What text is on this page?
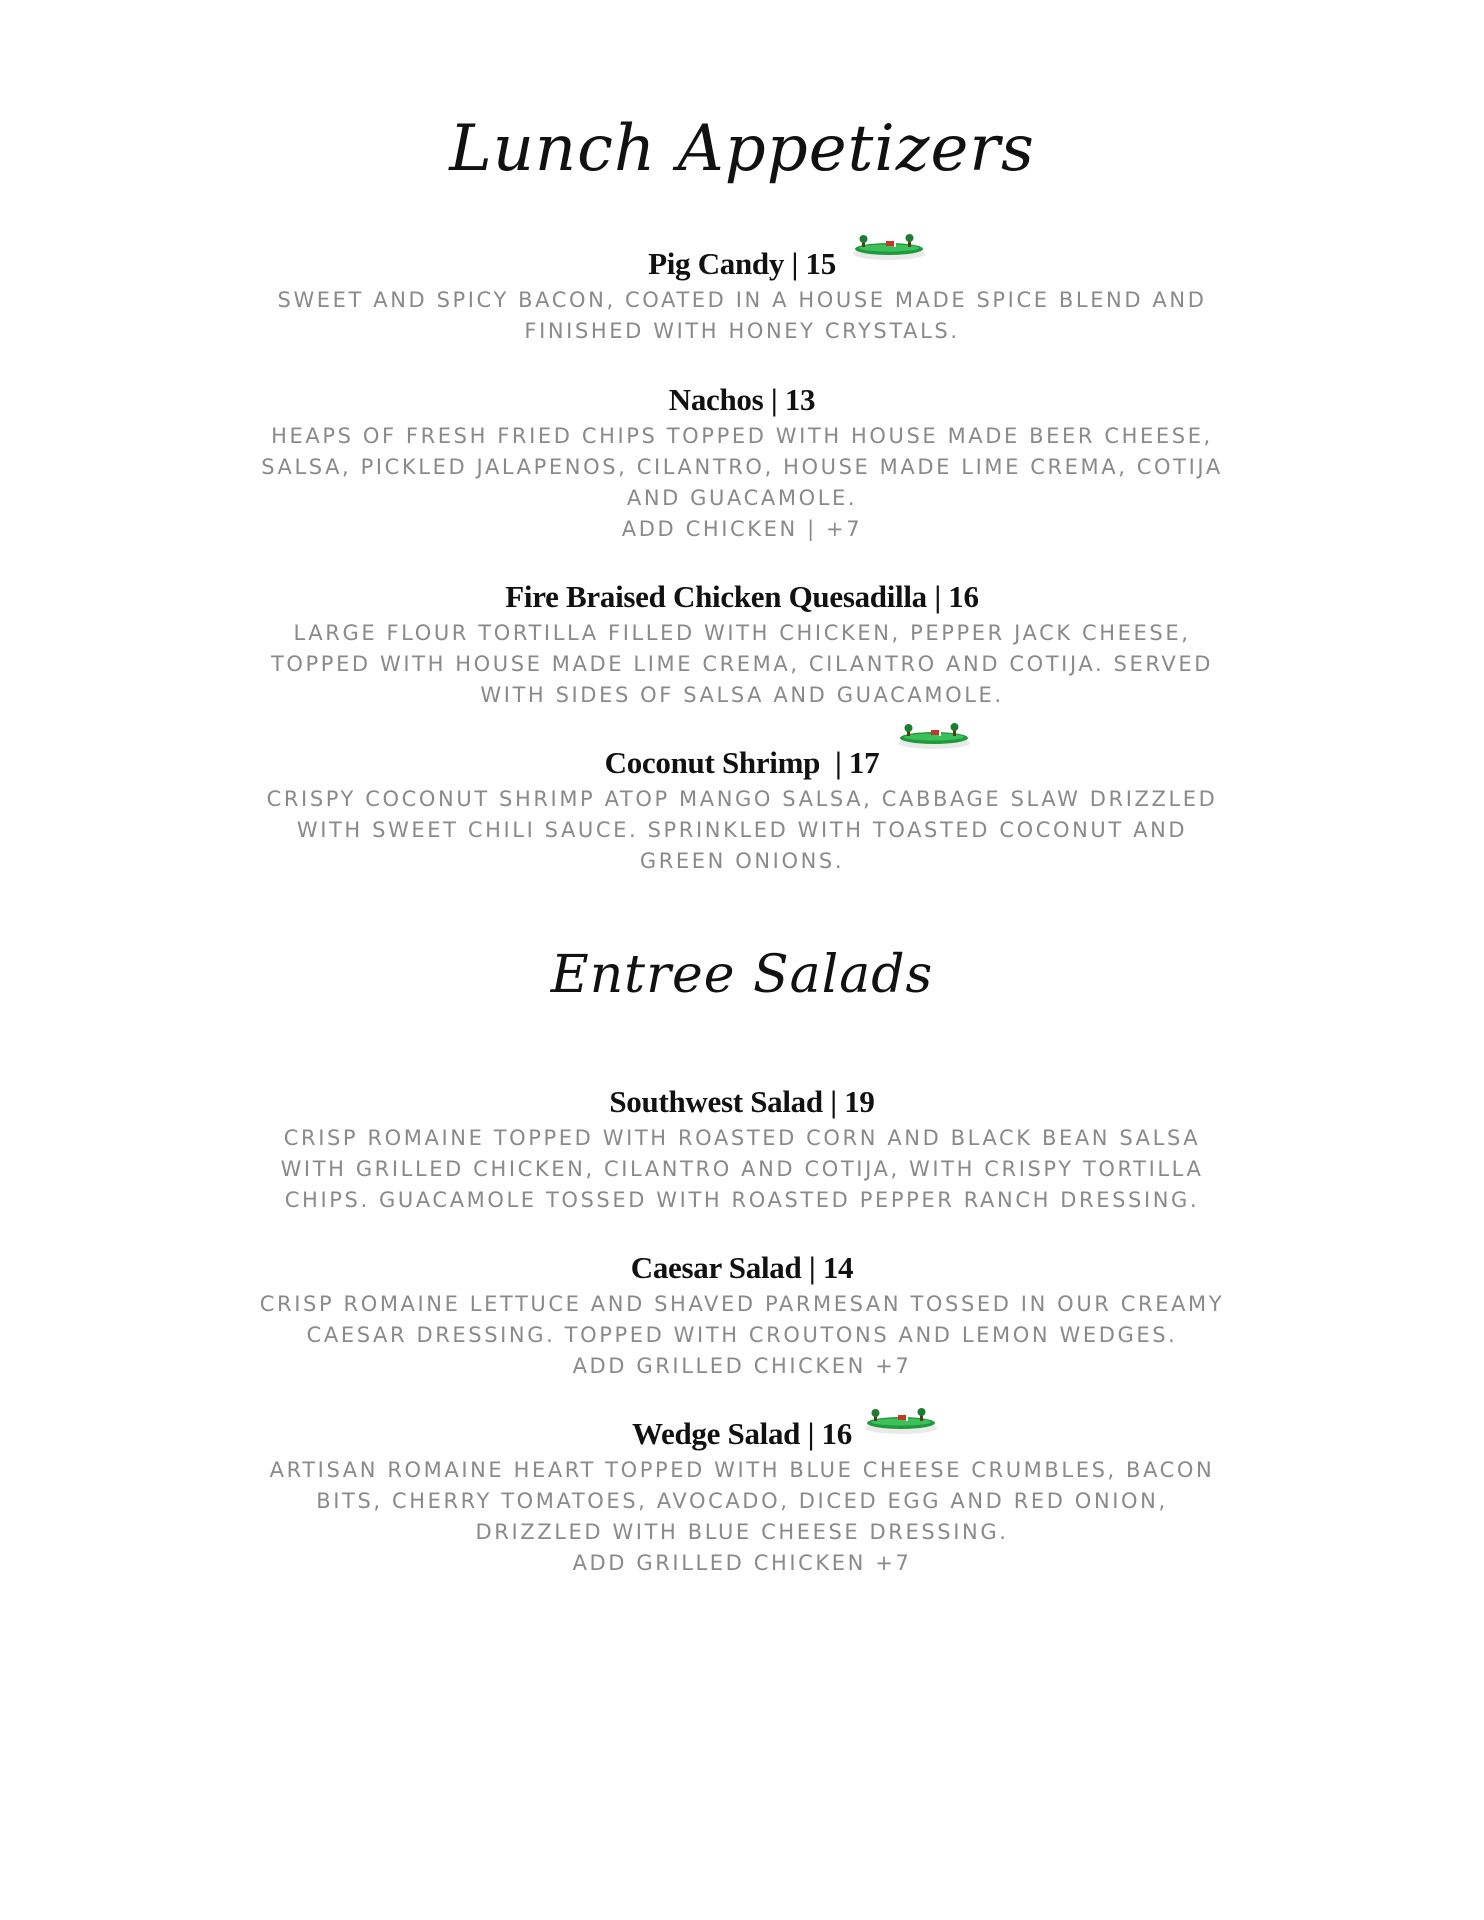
Lunch Appetizers
Pig Candy | 15
SWEET AND SPICY BACON, COATED IN A HOUSE MADE SPICE BLEND AND
FINISHED WITH HONEY CRYSTALS.
Nachos | 13
HEAPS OF FRESH FRIED CHIPS TOPPED WITH HOUSE MADE BEER CHEESE,
SALSA, PICKLED JALAPENOS, CILANTRO, HOUSE MADE LIME CREMA, COTIJA
AND GUACAMOLE.
ADD CHICKEN | +7
Fire Braised Chicken Quesadilla | 16
LARGE FLOUR TORTILLA FILLED WITH CHICKEN, PEPPER JACK CHEESE,
TOPPED WITH HOUSE MADE LIME CREMA, CILANTRO AND COTIJA. SERVED
WITH SIDES OF SALSA AND GUACAMOLE.
Coconut Shrimp  | 17
CRISPY COCONUT SHRIMP ATOP MANGO SALSA, CABBAGE SLAW DRIZZLED
WITH SWEET CHILI SAUCE. SPRINKLED WITH TOASTED COCONUT AND
GREEN ONIONS.
Entree Salads
Southwest Salad | 19
CRISP ROMAINE TOPPED WITH ROASTED CORN AND BLACK BEAN SALSA
WITH GRILLED CHICKEN, CILANTRO AND COTIJA, WITH CRISPY TORTILLA
CHIPS. GUACAMOLE TOSSED WITH ROASTED PEPPER RANCH DRESSING.
Caesar Salad | 14
CRISP ROMAINE LETTUCE AND SHAVED PARMESAN TOSSED IN OUR CREAMY
CAESAR DRESSING. TOPPED WITH CROUTONS AND LEMON WEDGES.
ADD GRILLED CHICKEN +7
Wedge Salad | 16
ARTISAN ROMAINE HEART TOPPED WITH BLUE CHEESE CRUMBLES, BACON
BITS, CHERRY TOMATOES, AVOCADO, DICED EGG AND RED ONION,
DRIZZLED WITH BLUE CHEESE DRESSING.
ADD GRILLED CHICKEN +7
